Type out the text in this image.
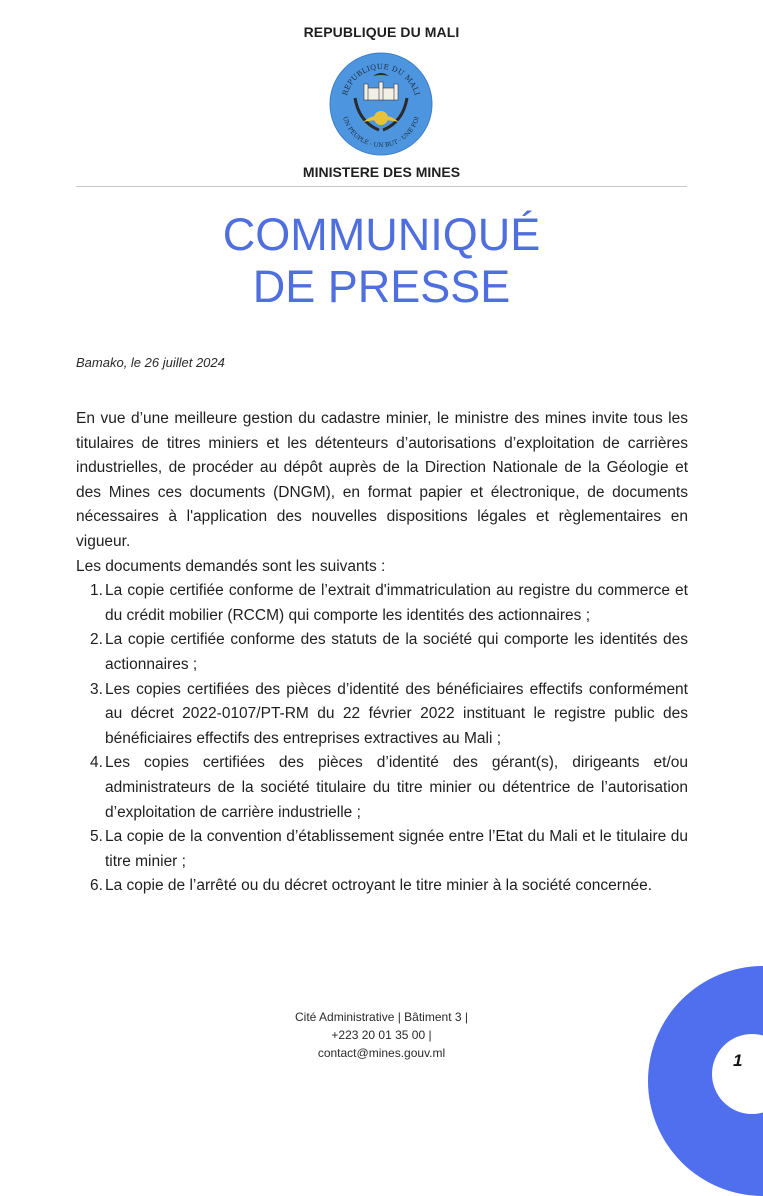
REPUBLIQUE DU MALI
REPUBLIQUE DU MALI
UN PEUPLE - UN BUT - UNE FOI
MINISTERE DES MINES
COMMUNIQUÉ
DE PRESSE
Bamako, le 26 juillet 2024

En vue d’une meilleure gestion du cadastre minier, le ministre des mines invite tous les titulaires de titres miniers et les détenteurs d’autorisations d’exploitation de carrières industrielles, de procéder au dépôt auprès de la Direction Nationale de la Géologie et des Mines ces documents (DNGM), en format papier et électronique, de documents nécessaires à l'application des nouvelles dispositions légales et règlementaires en vigueur.

Les documents demandés sont les suivants :

1. La copie certifiée conforme de l’extrait d'immatriculation au registre du commerce et du crédit mobilier (RCCM) qui comporte les identités des actionnaires ;
2. La copie certifiée conforme des statuts de la société qui comporte les identités des actionnaires ;
3. Les copies certifiées des pièces d’identité des bénéficiaires effectifs conformément au décret 2022-0107/PT-RM du 22 février 2022 instituant le registre public des bénéficiaires effectifs des entreprises extractives au Mali ;
4. Les copies certifiées des pièces d’identité des gérant(s), dirigeants et/ou administrateurs de la société titulaire du titre minier ou détentrice de l’autorisation d’exploitation de carrière industrielle ;
5. La copie de la convention d’établissement signée entre l’Etat du Mali et le titulaire du titre minier ;
6. La copie de l’arrêté ou du décret octroyant le titre minier à la société concernée.
Cité Administrative | Bâtiment 3 |
+223 20 01 35 00 |
contact@mines.gouv.ml	1
